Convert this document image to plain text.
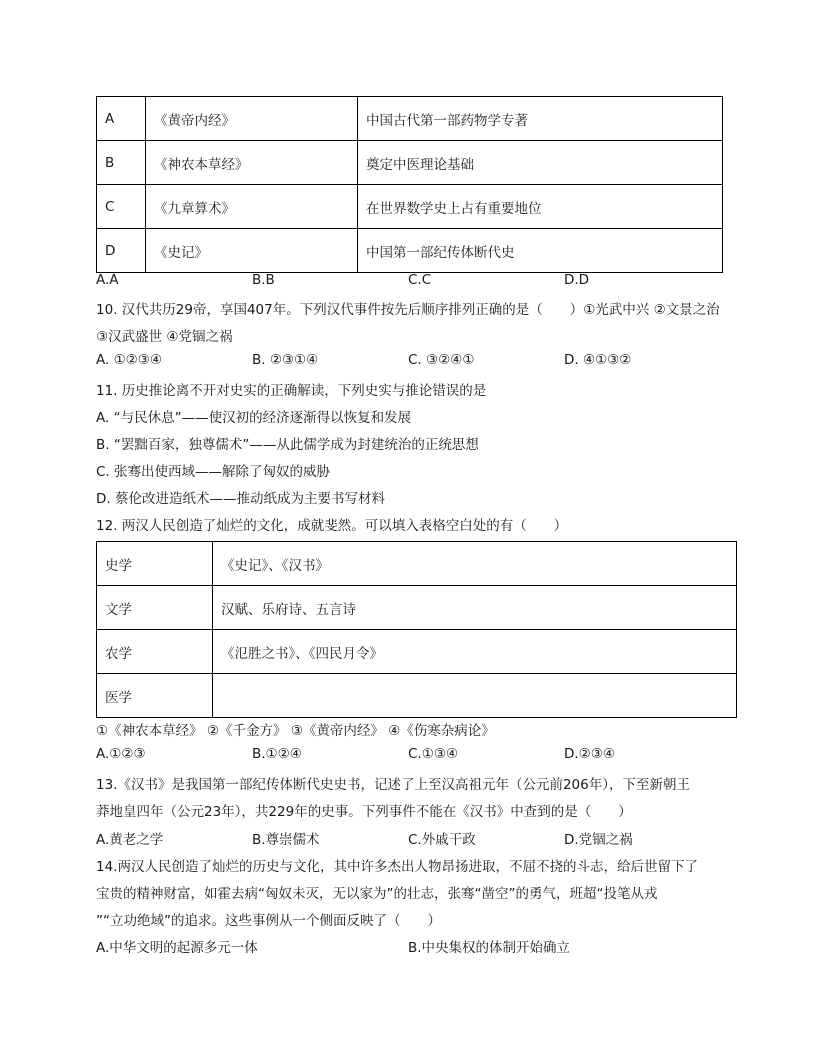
A	《黄帝内经》	中国古代第一部药物学专著
B	《神农本草经》	奠定中医理论基础
C	《九章算术》	在世界数学史上占有重要地位
D	《史记》	中国第一部纪传体断代史
A.A	B.B	C.C	D.D
10. 汉代共历29帝，享国407年。下列汉代事件按先后顺序排列正确的是（　　）①光武中兴 ②文景之治
③汉武盛世 ④党锢之祸
A. ①②③④	B. ②③①④	C. ③②④①	D. ④①③②
11. 历史推论离不开对史实的正确解读，下列史实与推论错误的是
A. “与民休息”——使汉初的经济逐渐得以恢复和发展
B. “罢黜百家，独尊儒术”——从此儒学成为封建统治的正统思想
C. 张骞出使西域——解除了匈奴的威胁
D. 蔡伦改进造纸术——推动纸成为主要书写材料
12. 两汉人民创造了灿烂的文化，成就斐然。可以填入表格空白处的有（　　）
史学	《史记》、《汉书》
文学	汉赋、乐府诗、五言诗
农学	《氾胜之书》、《四民月令》
医学	
①《神农本草经》 ②《千金方》 ③《黄帝内经》 ④《伤寒杂病论》
A.①②③	B.①②④	C.①③④	D.②③④
13.《汉书》是我国第一部纪传体断代史史书，记述了上至汉高祖元年（公元前206年），下至新朝王
莽地皇四年（公元23年），共229年的史事。下列事件不能在《汉书》中查到的是（　　）
A.黄老之学	B.尊崇儒术	C.外戚干政	D.党锢之祸
14.两汉人民创造了灿烂的历史与文化，其中许多杰出人物昂扬进取，不屈不挠的斗志，给后世留下了
宝贵的精神财富，如霍去病“匈奴未灭，无以家为”的壮志，张骞“凿空”的勇气，班超“投笔从戎
”“立功绝域”的追求。这些事例从一个侧面反映了（　　）
A.中华文明的起源多元一体	B.中央集权的体制开始确立
